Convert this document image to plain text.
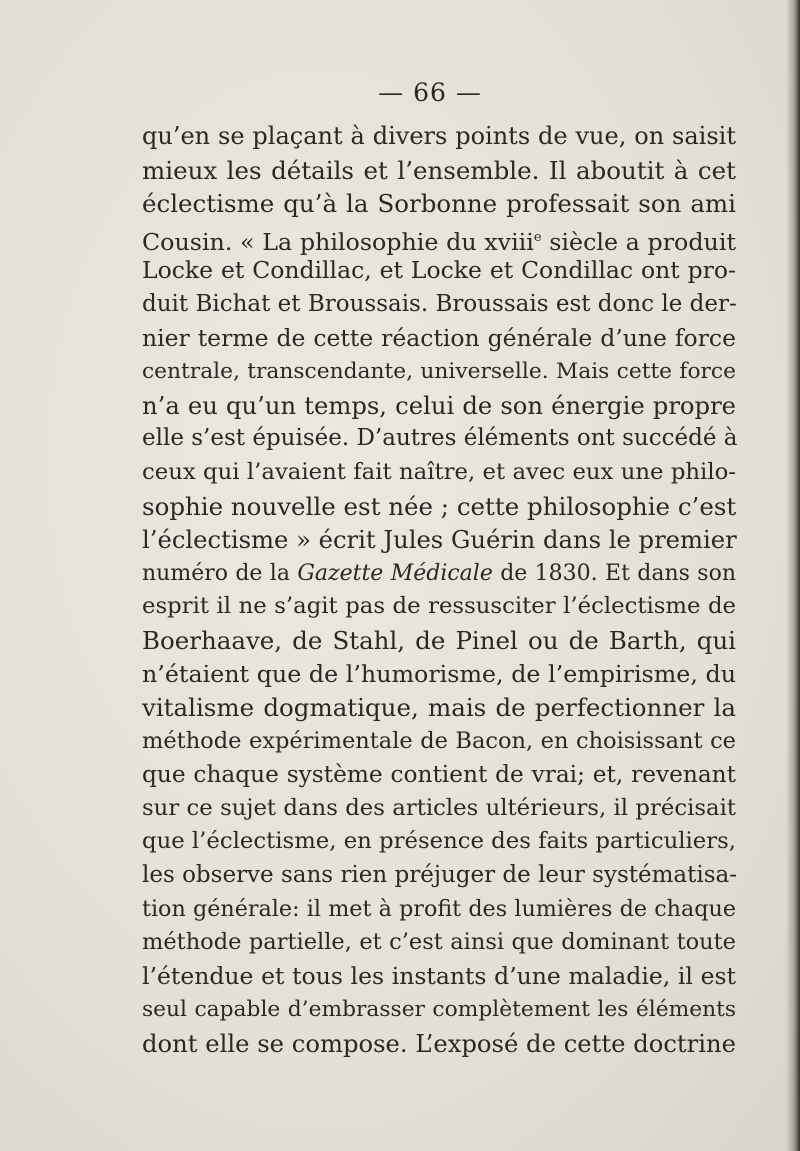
— 66 —
qu’en se plaçant à divers points de vue, on saisit
mieux les détails et l’ensemble. Il aboutit à cet
éclectisme qu’à la Sorbonne professait son ami
Cousin. « La philosophie du xviii$^e$ siècle a produit
Locke et Condillac, et Locke et Condillac ont pro-
duit Bichat et Broussais. Broussais est donc le der-
nier terme de cette réaction générale d’une force
centrale, transcendante, universelle. Mais cette force
n’a eu qu’un temps, celui de son énergie propre
elle s’est épuisée. D’autres éléments ont succédé à
ceux qui l’avaient fait naître, et avec eux une philo-
sophie nouvelle est née ; cette philosophie c’est
l’éclectisme » écrit Jules Guérin dans le premier
numéro de la Gazette Médicale de 1830. Et dans son
esprit il ne s’agit pas de ressusciter l’éclectisme de
Boerhaave, de Stahl, de Pinel ou de Barth, qui
n’étaient que de l’humorisme, de l’empirisme, du
vitalisme dogmatique, mais de perfectionner la
méthode expérimentale de Bacon, en choisissant ce
que chaque système contient de vrai; et, revenant
sur ce sujet dans des articles ultérieurs, il précisait
que l’éclectisme, en présence des faits particuliers,
les observe sans rien préjuger de leur systématisa-
tion générale: il met à profit des lumières de chaque
méthode partielle, et c’est ainsi que dominant toute
l’étendue et tous les instants d’une maladie, il est
seul capable d’embrasser complètement les éléments
dont elle se compose. L’exposé de cette doctrine
